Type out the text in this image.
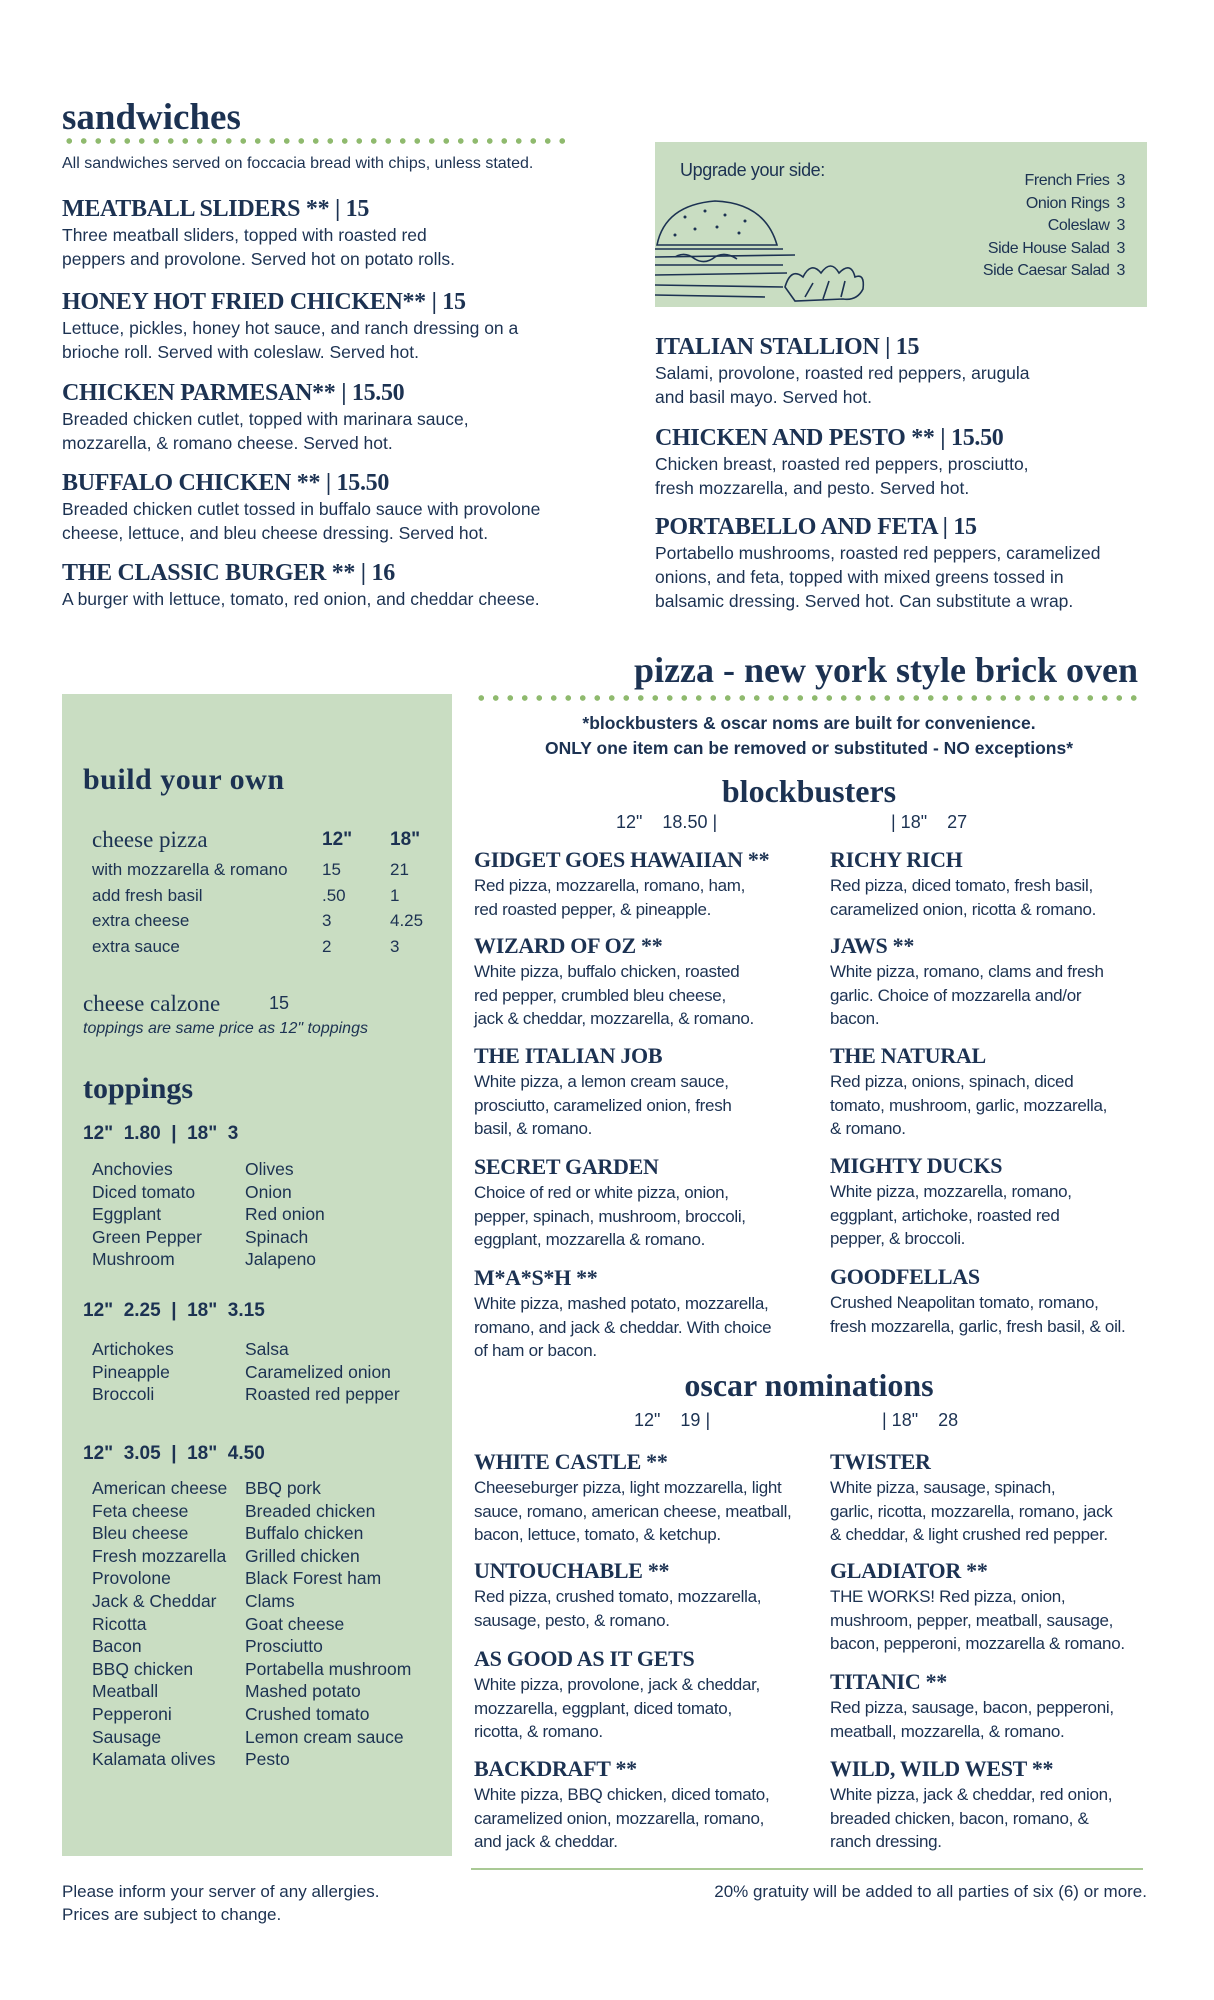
sandwiches
All sandwiches served on foccacia bread with chips, unless stated.
MEATBALL SLIDERS ** | 15
Three meatball sliders, topped with roasted red
peppers and provolone. Served hot on potato rolls.
HONEY HOT FRIED CHICKEN** | 15
Lettuce, pickles, honey hot sauce, and ranch dressing on a
brioche roll. Served with coleslaw. Served hot.
CHICKEN PARMESAN** | 15.50
Breaded chicken cutlet, topped with marinara sauce,
mozzarella, & romano cheese. Served hot.
BUFFALO CHICKEN ** | 15.50
Breaded chicken cutlet tossed in buffalo sauce with provolone
cheese, lettuce, and bleu cheese dressing. Served hot.
THE CLASSIC BURGER ** | 16
A burger with lettuce, tomato, red onion, and cheddar cheese.
ITALIAN STALLION | 15
Salami, provolone, roasted red peppers, arugula
and basil mayo. Served hot.
CHICKEN AND PESTO ** | 15.50
Chicken breast, roasted red peppers, prosciutto,
fresh mozzarella, and pesto. Served hot.
PORTABELLO AND FETA | 15
Portabello mushrooms, roasted red peppers, caramelized
onions, and feta, topped with mixed greens tossed in
balsamic dressing. Served hot. Can substitute a wrap.
Upgrade your side:
French Fries 3
Onion Rings 3
Coleslaw 3
Side House Salad 3
Side Caesar Salad 3
build your own
cheese pizza	12" 18"
with mozzarella & romano 15	21
add fresh basil	.50	1
extra cheese	3	4.25
extra sauce	2	3
cheese calzone	15
toppings are same price as 12" toppings
toppings
12"  1.80  |  18"  3
Anchovies
Diced tomato
Eggplant
Green Pepper
Mushroom
Olives
Onion
Red onion
Spinach
Jalapeno
12"  2.25  |  18"  3.15
Artichokes
Pineapple
Broccoli
Salsa
Caramelized onion
Roasted red pepper
12"  3.05  |  18"  4.50
American cheese
Feta cheese
Bleu cheese
Fresh mozzarella
Provolone
Jack & Cheddar
Ricotta
Bacon
BBQ chicken
Meatball
Pepperoni
Sausage
Kalamata olives
BBQ pork
Breaded chicken
Buffalo chicken
Grilled chicken
Black Forest ham
Clams
Goat cheese
Prosciutto
Portabella mushroom
Mashed potato
Crushed tomato
Lemon cream sauce
Pesto
pizza - new york style brick oven
*blockbusters & oscar noms are built for convenience.
ONLY one item can be removed or substituted - NO exceptions*
blockbusters
12"    18.50 |	| 18"    27
GIDGET GOES HAWAIIAN **
Red pizza, mozzarella, romano, ham,
red roasted pepper, & pineapple.
WIZARD OF OZ **
White pizza, buffalo chicken, roasted
red pepper, crumbled bleu cheese,
jack & cheddar, mozzarella, & romano.
THE ITALIAN JOB
White pizza, a lemon cream sauce,
prosciutto, caramelized onion, fresh
basil, & romano.
SECRET GARDEN
Choice of red or white pizza, onion,
pepper, spinach, mushroom, broccoli,
eggplant, mozzarella & romano.
M*A*S*H **
White pizza, mashed potato, mozzarella,
romano, and jack & cheddar. With choice
of ham or bacon.
RICHY RICH
Red pizza, diced tomato, fresh basil,
caramelized onion, ricotta & romano.
JAWS **
White pizza, romano, clams and fresh
garlic. Choice of mozzarella and/or
bacon.
THE NATURAL
Red pizza, onions, spinach, diced
tomato, mushroom, garlic, mozzarella,
& romano.
MIGHTY DUCKS
White pizza, mozzarella, romano,
eggplant, artichoke, roasted red
pepper, & broccoli.
GOODFELLAS
Crushed Neapolitan tomato, romano,
fresh mozzarella, garlic, fresh basil, & oil.
oscar nominations
12"    19 |	| 18"    28
WHITE CASTLE **
Cheeseburger pizza, light mozzarella, light
sauce, romano, american cheese, meatball,
bacon, lettuce, tomato, & ketchup.
UNTOUCHABLE **
Red pizza, crushed tomato, mozzarella,
sausage, pesto, & romano.
AS GOOD AS IT GETS
White pizza, provolone, jack & cheddar,
mozzarella, eggplant, diced tomato,
ricotta, & romano.
BACKDRAFT **
White pizza, BBQ chicken, diced tomato,
caramelized onion, mozzarella, romano,
and jack & cheddar.
TWISTER
White pizza, sausage, spinach,
garlic, ricotta, mozzarella, romano, jack
& cheddar, & light crushed red pepper.
GLADIATOR **
THE WORKS! Red pizza, onion,
mushroom, pepper, meatball, sausage,
bacon, pepperoni, mozzarella & romano.
TITANIC **
Red pizza, sausage, bacon, pepperoni,
meatball, mozzarella, & romano.
WILD, WILD WEST **
White pizza, jack & cheddar, red onion,
breaded chicken, bacon, romano, &
ranch dressing.
20% gratuity will be added to all parties of six (6) or more.
Please inform your server of any allergies.
Prices are subject to change.
